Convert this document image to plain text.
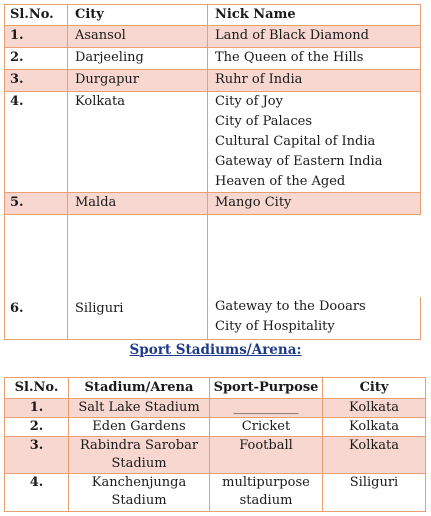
Sl.No.	City	Nick Name
1.	Asansol	Land of Black Diamond
2.	Darjeeling	The Queen of the Hills
3.	Durgapur	Ruhr of India
4.	Kolkata	City of Joy
City of Palaces
Cultural Capital of India
Gateway of Eastern India
Heaven of the Aged

5.	Malda	Mango City

6.	Siliguri	Gateway to the Dooars
City of Hospitality
Sport Stadiums/Arena:
Sl.No.	Stadium/Arena	Sport-Purpose	City
1.	Salt Lake Stadium	__________	Kolkata
2.	Eden Gardens	Cricket	Kolkata
3.	Rabindra Sarobar Stadium	Football	Kolkata
4.	Kanchenjunga Stadium	multipurpose stadium	Siliguri
